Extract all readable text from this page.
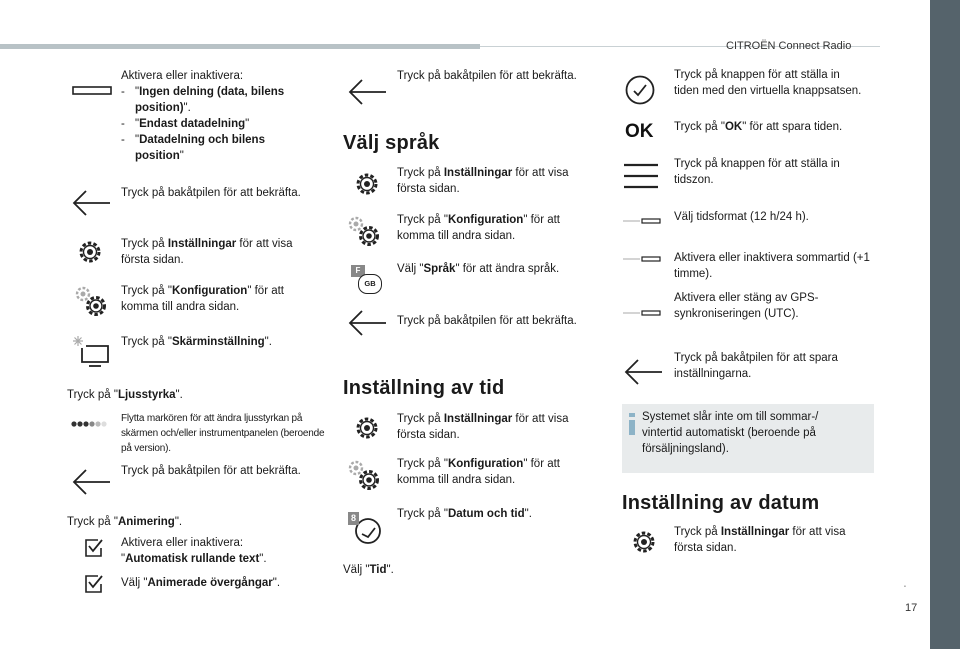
CITROËN Connect Radio
17
.
Aktivera eller inaktivera:
- "Ingen delning (data, bilens position)".
- "Endast datadelning"
- "Datadelning och bilens position"
Tryck på bakåtpilen för att bekräfta.
Tryck på Inställningar för att visa första sidan.
Tryck på "Konfiguration" för att komma till andra sidan.
Tryck på "Skärminställning".
Tryck på "Ljusstyrka".
Flytta markören för att ändra ljusstyrkan på skärmen och/eller instrumentpanelen (beroende på version).
Tryck på bakåtpilen för att bekräfta.
Tryck på "Animering".
Aktivera eller inaktivera:
"Automatisk rullande text".
Välj "Animerade övergångar".
Tryck på bakåtpilen för att bekräfta.
Välj språk
Tryck på Inställningar för att visa första sidan.
Tryck på "Konfiguration" för att komma till andra sidan.
F
GB
Välj "Språk" för att ändra språk.
Tryck på bakåtpilen för att bekräfta.
Inställning av tid
Tryck på Inställningar för att visa första sidan.
Tryck på "Konfiguration" för att komma till andra sidan.
8	Tryck på "Datum och tid".
Välj "Tid".
Tryck på knappen för att ställa in tiden med den virtuella knappsatsen.
OK Tryck på "OK" för att spara tiden.
Tryck på knappen för att ställa in tidszon.
Välj tidsformat (12 h/24 h).
Aktivera eller inaktivera sommartid (+1 timme).
Aktivera eller stäng av GPS-synkroniseringen (UTC).
Tryck på bakåtpilen för att spara inställningarna.
Systemet slår inte om till sommar-/ vintertid automatiskt (beroende på försäljningsland).
Inställning av datum
Tryck på Inställningar för att visa första sidan.
